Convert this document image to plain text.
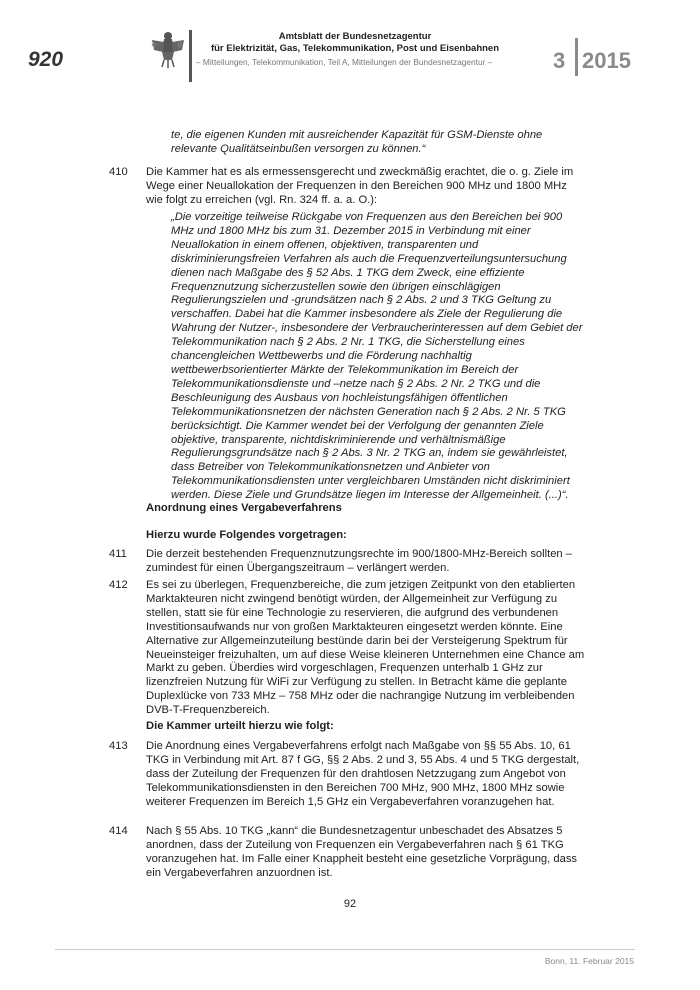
920
Amtsblatt der Bundesnetzagentur
für Elektrizität, Gas, Telekommunikation, Post und Eisenbahnen
– Mitteilungen, Telekommunikation, Teil A, Mitteilungen der Bundesnetzagentur –	3 2015
te, die eigenen Kunden mit ausreichender Kapazität für GSM-Dienste ohne relevante Qualitätseinbußen versorgen zu können.“
410 Die Kammer hat es als ermessensgerecht und zweckmäßig erachtet, die o. g. Ziele im Wege einer Neuallokation der Frequenzen in den Bereichen 900 MHz und 1800 MHz wie folgt zu erreichen (vgl. Rn. 324 ff. a. a. O.):
„Die vorzeitige teilweise Rückgabe von Frequenzen aus den Bereichen bei 900 MHz und 1800 MHz bis zum 31. Dezember 2015 in Verbindung mit einer Neuallokation in einem offenen, objektiven, transparenten und diskriminierungsfreien Verfahren als auch die Frequenzverteilungsuntersuchung dienen nach Maßgabe des § 52 Abs. 1 TKG dem Zweck, eine effiziente Frequenznutzung sicherzustellen sowie den übrigen einschlägigen Regulierungszielen und -grundsätzen nach § 2 Abs. 2 und 3 TKG Geltung zu verschaffen. Dabei hat die Kammer insbesondere als Ziele der Regulierung die Wahrung der Nutzer-, insbesondere der Verbraucherinteressen auf dem Gebiet der Telekommunikation nach § 2 Abs. 2 Nr. 1 TKG, die Sicherstellung eines chancengleichen Wettbewerbs und die Förderung nachhaltig wettbewerbsorientierter Märkte der Telekommunikation im Bereich der Telekommunikationsdienste und –netze nach § 2 Abs. 2 Nr. 2 TKG und die Beschleunigung des Ausbaus von hochleistungsfähigen öffentlichen Telekommunikationsnetzen der nächsten Generation nach § 2 Abs. 2 Nr. 5 TKG berücksichtigt. Die Kammer wendet bei der Verfolgung der genannten Ziele objektive, transparente, nichtdiskriminierende und verhältnismäßige Regulierungsgrundsätze nach § 2 Abs. 3 Nr. 2 TKG an, indem sie gewährleistet, dass Betreiber von Telekommunikationsnetzen und Anbieter von Telekommunikationsdiensten unter vergleichbaren Umständen nicht diskriminiert werden. Diese Ziele und Grundsätze liegen im Interesse der Allgemeinheit. (...)“.
Anordnung eines Vergabeverfahrens
Hierzu wurde Folgendes vorgetragen:
411 Die derzeit bestehenden Frequenznutzungsrechte im 900/1800-MHz-Bereich sollten – zumindest für einen Übergangszeitraum – verlängert werden.
412 Es sei zu überlegen, Frequenzbereiche, die zum jetzigen Zeitpunkt von den etablierten Marktakteuren nicht zwingend benötigt würden, der Allgemeinheit zur Verfügung zu stellen, statt sie für eine Technologie zu reservieren, die aufgrund des verbundenen Investitionsaufwands nur von großen Marktakteuren eingesetzt werden könnte. Eine Alternative zur Allgemeinzuteilung bestünde darin bei der Versteigerung Spektrum für Neueinsteiger freizuhalten, um auf diese Weise kleineren Unternehmen eine Chance am Markt zu geben. Überdies wird vorgeschlagen, Frequenzen unterhalb 1 GHz zur lizenzfreien Nutzung für WiFi zur Verfügung zu stellen. In Betracht käme die geplante Duplexlücke von 733 MHz – 758 MHz oder die nachrangige Nutzung im verbleibenden DVB-T-Frequenzbereich.
Die Kammer urteilt hierzu wie folgt:
413 Die Anordnung eines Vergabeverfahrens erfolgt nach Maßgabe von §§ 55 Abs. 10, 61 TKG in Verbindung mit Art. 87 f GG, §§ 2 Abs. 2 und 3, 55 Abs. 4 und 5 TKG dergestalt, dass der Zuteilung der Frequenzen für den drahtlosen Netzzugang zum Angebot von Telekommunikationsdiensten in den Bereichen 700 MHz, 900 MHz, 1800 MHz sowie weiterer Frequenzen im Bereich 1,5 GHz ein Vergabeverfahren voranzugehen hat.
414 Nach § 55 Abs. 10 TKG „kann“ die Bundesnetzagentur unbeschadet des Absatzes 5 anordnen, dass der Zuteilung von Frequenzen ein Vergabeverfahren nach § 61 TKG voranzugehen hat. Im Falle einer Knappheit besteht eine gesetzliche Vorprägung, dass ein Vergabeverfahren anzuordnen ist.
92
Bonn, 11. Februar 2015
